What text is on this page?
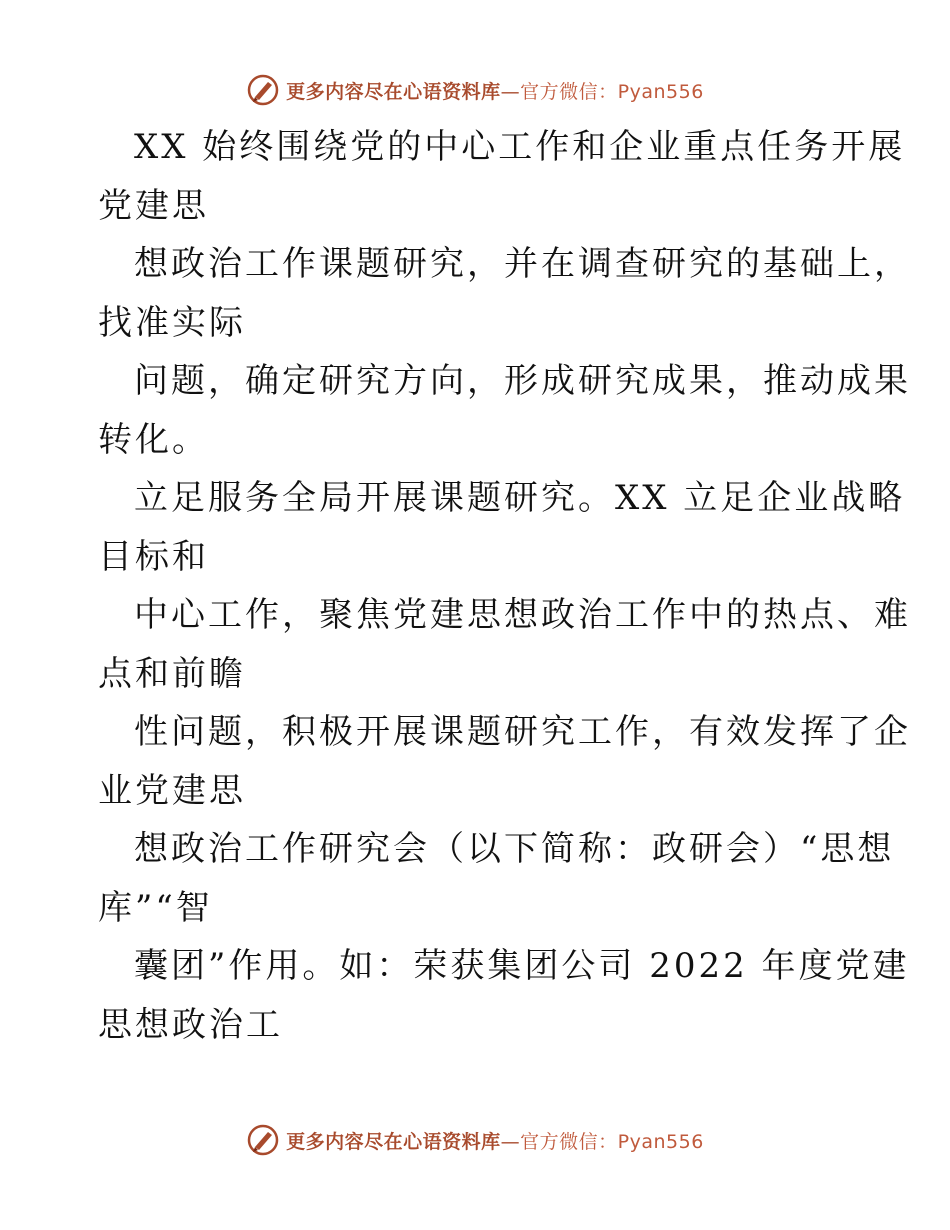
更多内容尽在心语资料库—官方微信：Pyan556
XX 始终围绕党的中心工作和企业重点任务开展
党建思
想政治工作课题研究，并在调查研究的基础上，
找准实际
问题，确定研究方向，形成研究成果，推动成果
转化。
立足服务全局开展课题研究。XX 立足企业战略
目标和
中心工作，聚焦党建思想政治工作中的热点、难
点和前瞻
性问题，积极开展课题研究工作，有效发挥了企
业党建思
想政治工作研究会（以下简称：政研会）“思想
库”“智
囊团”作用。如：荣获集团公司 2022 年度党建
思想政治工
更多内容尽在心语资料库—官方微信：Pyan556
